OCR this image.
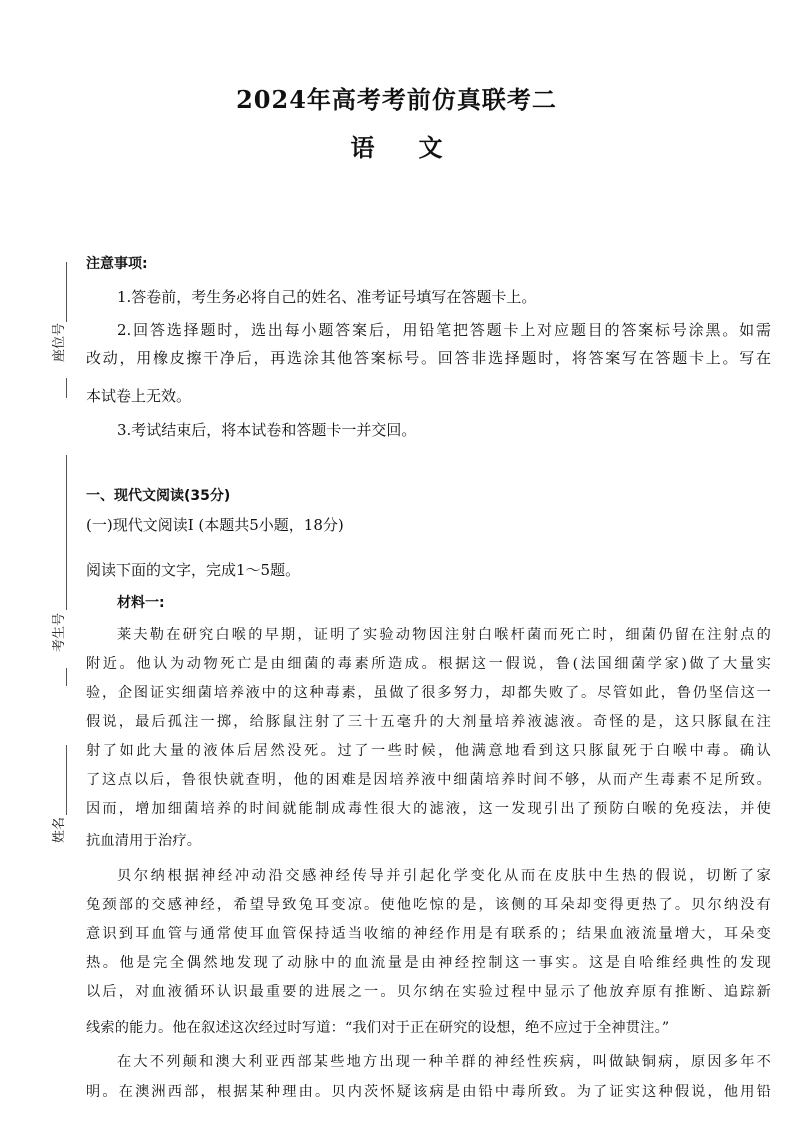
2024年高考考前仿真联考二
语文
座位号
考生号
姓名
注意事项:
1.答卷前，考生务必将自己的姓名、准考证号填写在答题卡上。
2.回答选择题时，选出每小题答案后，用铅笔把答题卡上对应题目的答案标号涂黑。如需
改动，用橡皮擦干净后，再选涂其他答案标号。回答非选择题时，将答案写在答题卡上。写在
本试卷上无效。
3.考试结束后，将本试卷和答题卡一并交回。
一、现代文阅读(35分)
(一)现代文阅读I (本题共5小题，18分)
阅读下面的文字，完成1～5题。
材料一:
莱夫勒在研究白喉的早期，证明了实验动物因注射白喉杆菌而死亡时，细菌仍留在注射点的
附近。他认为动物死亡是由细菌的毒素所造成。根据这一假说，鲁(法国细菌学家)做了大量实
验，企图证实细菌培养液中的这种毒素，虽做了很多努力，却都失败了。尽管如此，鲁仍坚信这一
假说，最后孤注一掷，给豚鼠注射了三十五毫升的大剂量培养液滤液。奇怪的是，这只豚鼠在注
射了如此大量的液体后居然没死。过了一些时候，他满意地看到这只豚鼠死于白喉中毒。确认
了这点以后，鲁很快就查明，他的困难是因培养液中细菌培养时间不够，从而产生毒素不足所致。
因而，增加细菌培养的时间就能制成毒性很大的滤液，这一发现引出了预防白喉的免疫法，并使
抗血清用于治疗。
贝尔纳根据神经冲动沿交感神经传导并引起化学变化从而在皮肤中生热的假说，切断了家
兔颈部的交感神经，希望导致兔耳变凉。使他吃惊的是，该侧的耳朵却变得更热了。贝尔纳没有
意识到耳血管与通常使耳血管保持适当收缩的神经作用是有联系的；结果血液流量增大，耳朵变
热。他是完全偶然地发现了动脉中的血流量是由神经控制这一事实。这是自哈维经典性的发现
以后，对血液循环认识最重要的进展之一。贝尔纳在实验过程中显示了他放弃原有推断、追踪新
线索的能力。他在叙述这次经过时写道：“我们对于正在研究的设想，绝不应过于全神贯注。”
在大不列颠和澳大利亚西部某些地方出现一种羊群的神经性疾病，叫做缺铜病，原因多年不
明。在澳洲西部，根据某种理由。贝内茨怀疑该病是由铅中毒所致。为了证实这种假说，他用铅
